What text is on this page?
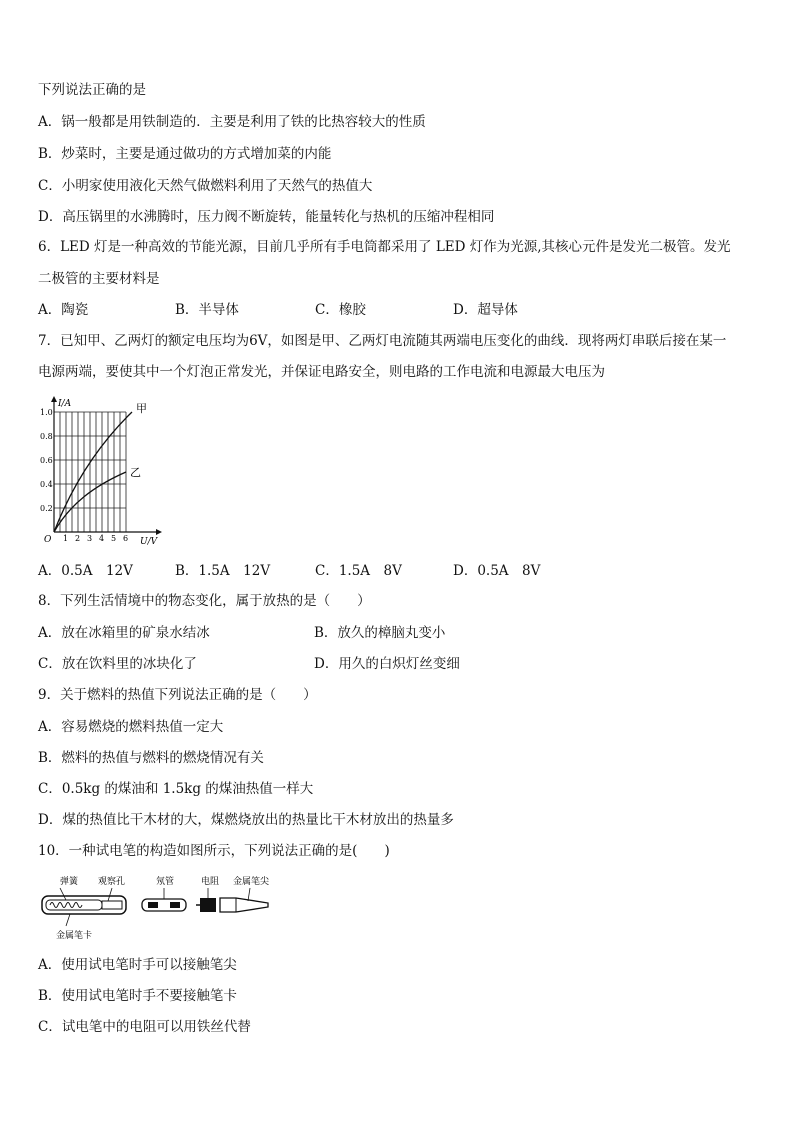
下列说法正确的是
A．锅一般都是用铁制造的．主要是利用了铁的比热容较大的性质
B．炒菜时，主要是通过做功的方式增加菜的内能
C．小明家使用液化天然气做燃料利用了天然气的热值大
D．高压锅里的水沸腾时，压力阀不断旋转，能量转化与热机的压缩冲程相同
6．LED 灯是一种高效的节能光源，目前几乎所有手电筒都采用了 LED 灯作为光源,其核心元件是发光二极管。发光
二极管的主要材料是
A．陶瓷	B．半导体	C．橡胶	D．超导体
7．已知甲、乙两灯的额定电压均为6V，如图是甲、乙两灯电流随其两端电压变化的曲线．现将两灯串联后接在某一
电源两端，要使其中一个灯泡正常发光，并保证电路安全，则电路的工作电流和电源最大电压为
I/A	甲
乙
1.0
0.8
0.6
0.4
0.2
O 1 2 3 4 5 6 U/V
A．0.5A　12V	B．1.5A　12V	C．1.5A　8V	D．0.5A　8V
8．下列生活情境中的物态变化，属于放热的是（　　）
A．放在冰箱里的矿泉水结冰	B．放久的樟脑丸变小
C．放在饮料里的冰块化了	D．用久的白炽灯丝变细
9．关于燃料的热值下列说法正确的是（　　）
A．容易燃烧的燃料热值一定大
B．燃料的热值与燃料的燃烧情况有关
C．0.5kg 的煤油和 1.5kg 的煤油热值一样大
D．煤的热值比干木材的大，煤燃烧放出的热量比干木材放出的热量多
10．一种试电笔的构造如图所示，下列说法正确的是(　　)
弹簧 观察孔	氖管	电阻 金属笔尖
金属笔卡
A．使用试电笔时手可以接触笔尖
B．使用试电笔时手不要接触笔卡
C．试电笔中的电阻可以用铁丝代替
